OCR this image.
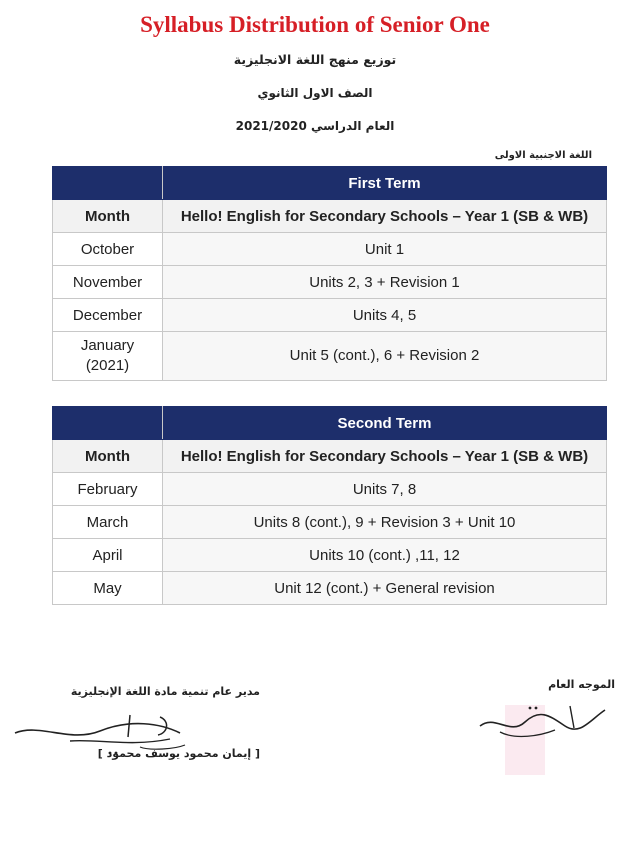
Syllabus Distribution of Senior One
توزيع منهج اللغة الانجليزية
الصف الاول الثانوي
العام الدراسي 2021/2020
اللغة الاجنبية الاولى
	First Term
Month	Hello! English for Secondary Schools – Year 1 (SB & WB)
October	Unit 1
November	Units 2, 3 + Revision 1
December	Units 4, 5
January
(2021)	Unit 5 (cont.), 6 + Revision 2
	Second Term
Month	Hello! English for Secondary Schools – Year 1 (SB & WB)
February	Units 7, 8
March	Units 8 (cont.), 9 + Revision 3 + Unit 10
April	Units 10 (cont.) ,11, 12
May	Unit 12 (cont.) + General revision
مدير عام تنمية مادة اللغة الإنجليزية
[ إيمان محمود يوسف محمود ]
الموجه العام
